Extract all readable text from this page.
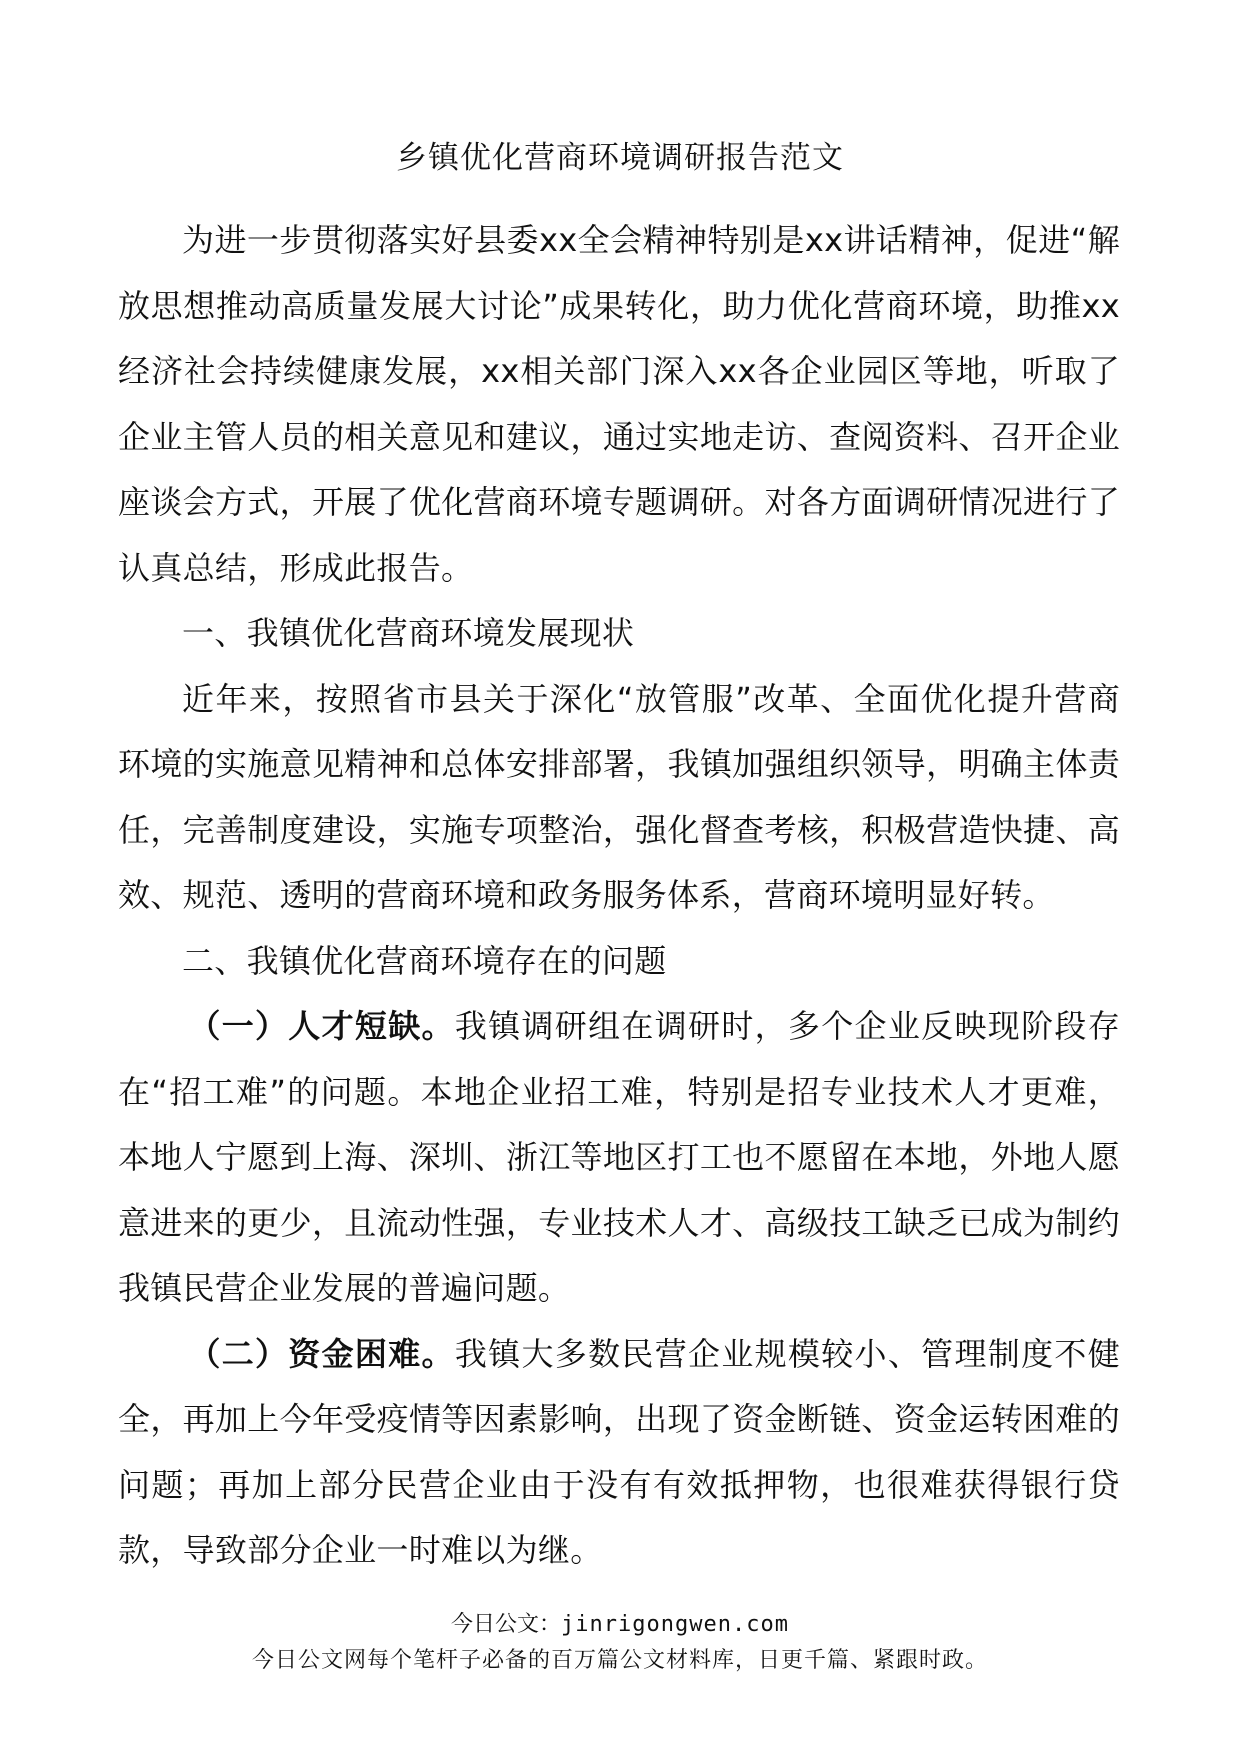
乡镇优化营商环境调研报告范文

为进一步贯彻落实好县委xx全会精神特别是xx讲话精神，促进“解放思想推动高质量发展大讨论”成果转化，助力优化营商环境，助推xx经济社会持续健康发展，xx相关部门深入xx各企业园区等地，听取了企业主管人员的相关意见和建议，通过实地走访、查阅资料、召开企业座谈会方式，开展了优化营商环境专题调研。对各方面调研情况进行了认真总结，形成此报告。

一、我镇优化营商环境发展现状

近年来，按照省市县关于深化“放管服”改革、全面优化提升营商环境的实施意见精神和总体安排部署，我镇加强组织领导，明确主体责任，完善制度建设，实施专项整治，强化督查考核，积极营造快捷、高效、规范、透明的营商环境和政务服务体系，营商环境明显好转。

二、我镇优化营商环境存在的问题

（一）人才短缺。我镇调研组在调研时，多个企业反映现阶段存在“招工难”的问题。本地企业招工难，特别是招专业技术人才更难，本地人宁愿到上海、深圳、浙江等地区打工也不愿留在本地，外地人愿意进来的更少，且流动性强，专业技术人才、高级技工缺乏已成为制约我镇民营企业发展的普遍问题。

（二）资金困难。我镇大多数民营企业规模较小、管理制度不健全，再加上今年受疫情等因素影响，出现了资金断链、资金运转困难的问题；再加上部分民营企业由于没有有效抵押物，也很难获得银行贷款，导致部分企业一时难以为继。

今日公文：jinrigongwen.com
今日公文网每个笔杆子必备的百万篇公文材料库，日更千篇、紧跟时政。
